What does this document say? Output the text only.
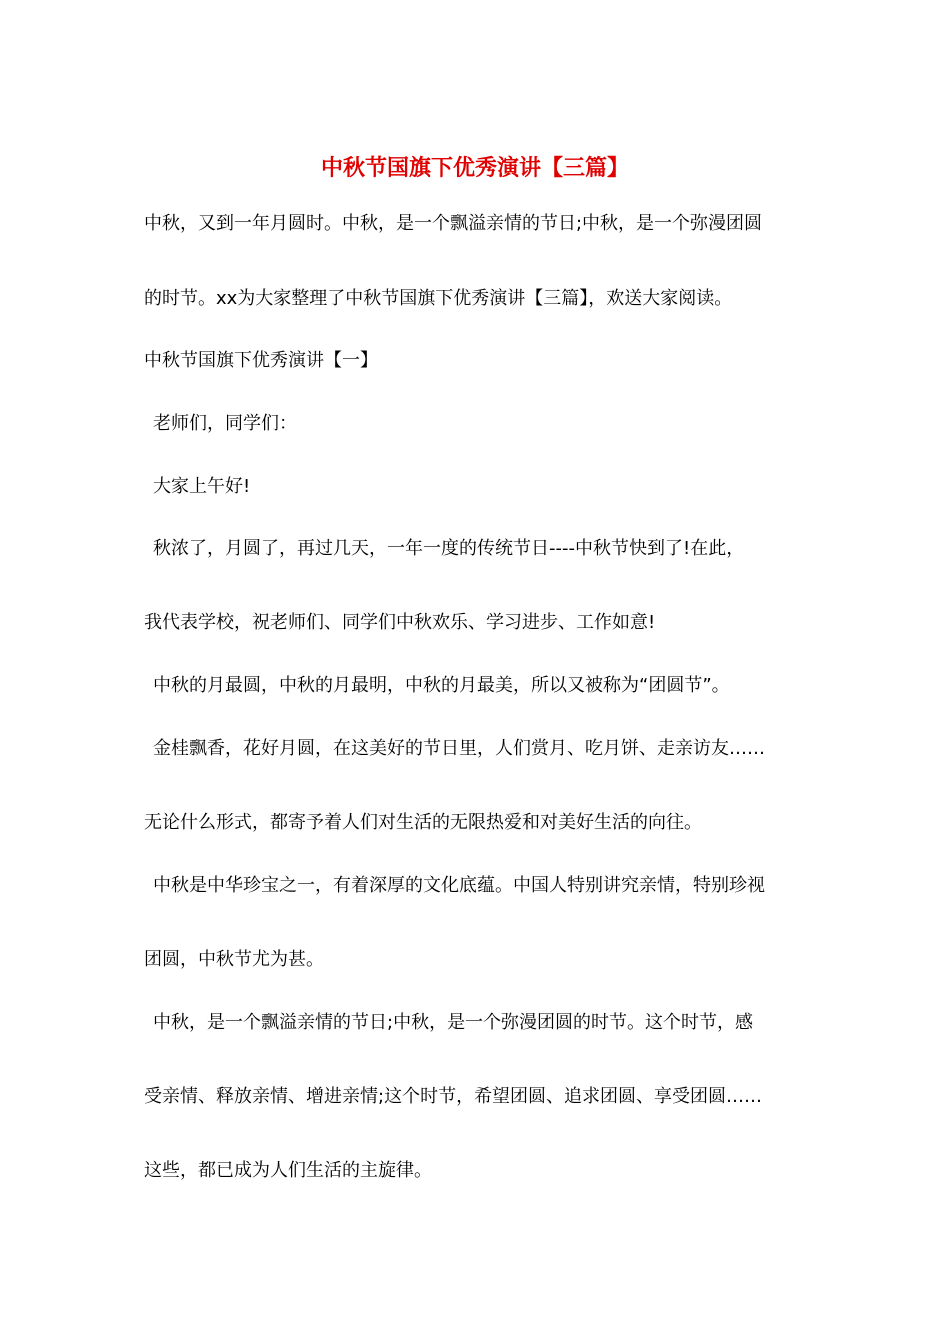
中秋节国旗下优秀演讲【三篇】

中秋，又到一年月圆时。中秋，是一个飘溢亲情的节日;中秋，是一个弥漫团圆

的时节。xx为大家整理了中秋节国旗下优秀演讲【三篇】，欢送大家阅读。

中秋节国旗下优秀演讲【一】

老师们，同学们：

大家上午好!

秋浓了，月圆了，再过几天，一年一度的传统节日----中秋节快到了!在此，

我代表学校，祝老师们、同学们中秋欢乐、学习进步、工作如意!

中秋的月最圆，中秋的月最明，中秋的月最美，所以又被称为“团圆节”。

金桂飘香，花好月圆，在这美好的节日里，人们赏月、吃月饼、走亲访友……

无论什么形式，都寄予着人们对生活的无限热爱和对美好生活的向往。

中秋是中华珍宝之一，有着深厚的文化底蕴。中国人特别讲究亲情，特别珍视

团圆，中秋节尤为甚。

中秋，是一个飘溢亲情的节日;中秋，是一个弥漫团圆的时节。这个时节，感

受亲情、释放亲情、增进亲情;这个时节，希望团圆、追求团圆、享受团圆……

这些，都已成为人们生活的主旋律。
